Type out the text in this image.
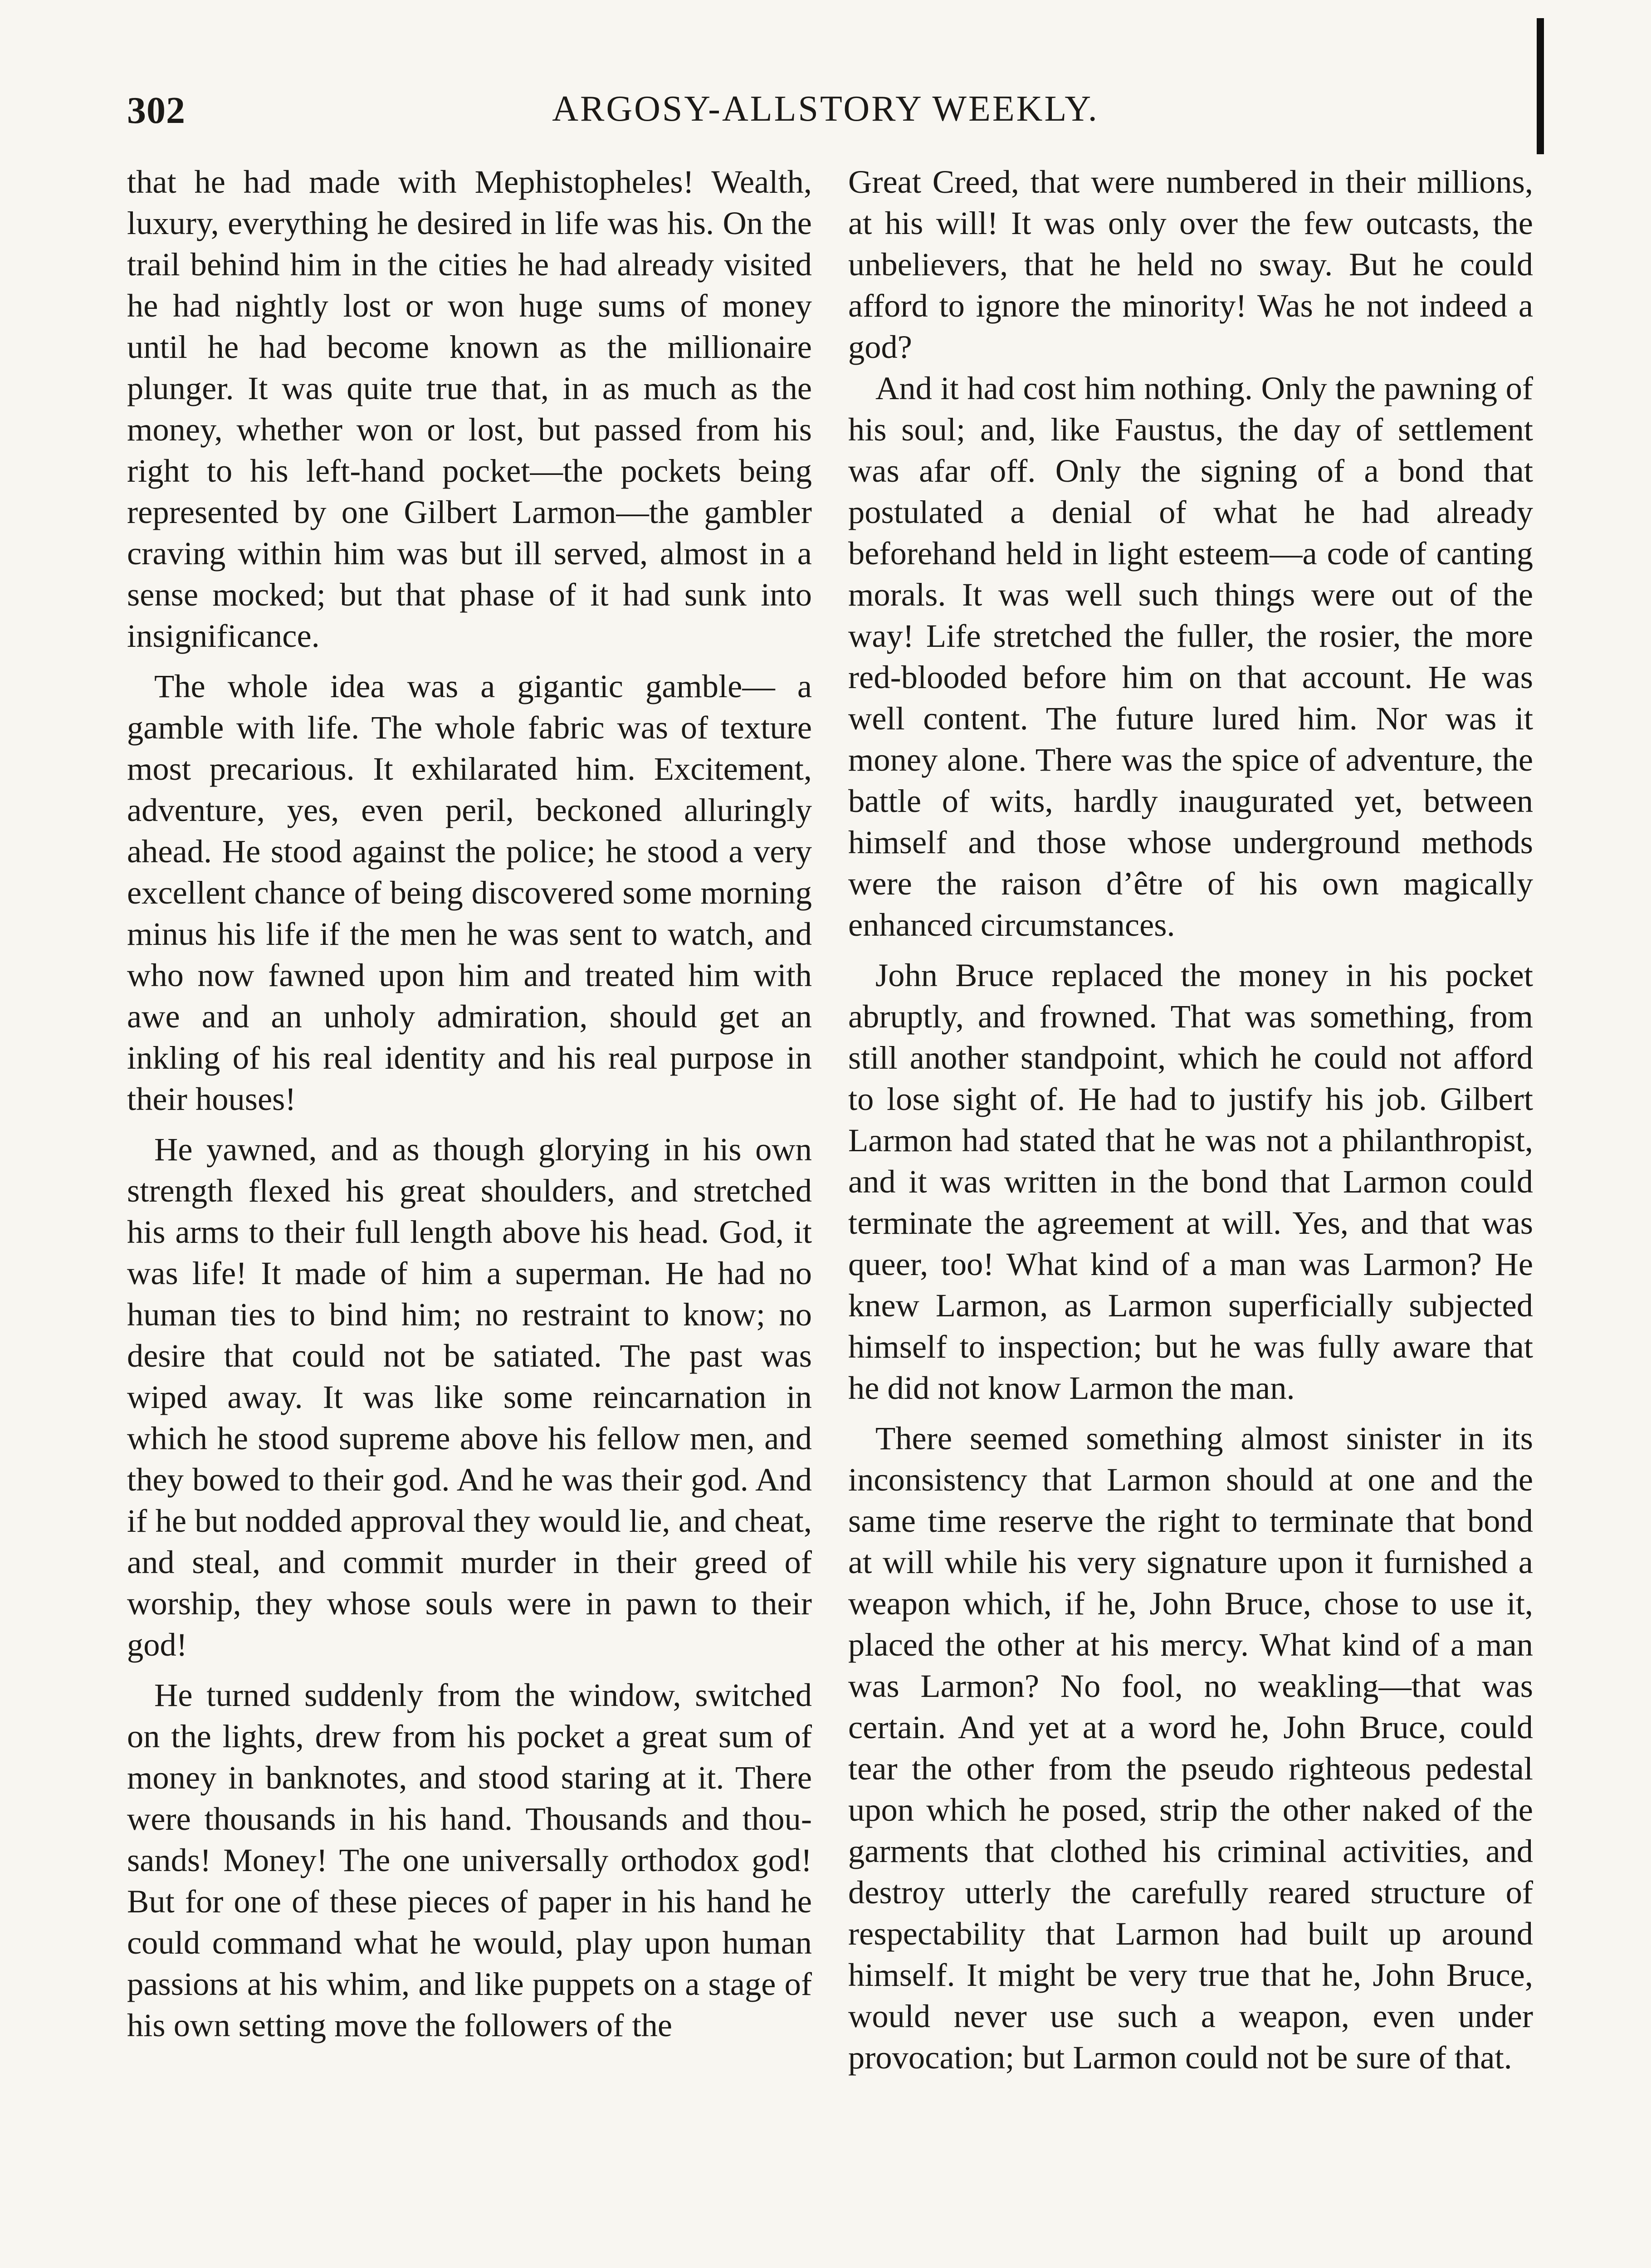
302	ARGOSY-ALLSTORY WEEKLY.

that he had made with Mephistopheles! Wealth, luxury, everything he desired in life was his. On the trail behind him in the cities he had already visited he had nightly lost or won huge sums of money until he had become known as the millionaire plunger. It was quite true that, in as much as the money, whether won or lost, but passed from his right to his left-hand pocket—the pockets being represented by one Gilbert Larmon—the gambler craving within him was but ill served, almost in a sense mocked; but that phase of it had sunk into insignificance.

The whole idea was a gigantic gamble— a gamble with life. The whole fabric was of texture most precarious. It exhilarated him. Excitement, adventure, yes, even peril, beckoned alluringly ahead. He stood against the police; he stood a very excellent chance of being discovered some morning minus his life if the men he was sent to watch, and who now fawned upon him and treated him with awe and an unholy admiration, should get an inkling of his real identity and his real purpose in their houses!

He yawned, and as though glorying in his own strength flexed his great shoulders, and stretched his arms to their full length above his head. God, it was life! It made of him a superman. He had no human ties to bind him; no restraint to know; no desire that could not be satiated. The past was wiped away. It was like some reincarnation in which he stood supreme above his fellow men, and they bowed to their god. And he was their god. And if he but nodded approval they would lie, and cheat, and steal, and commit murder in their greed of worship, they whose souls were in pawn to their god!

He turned suddenly from the window, switched on the lights, drew from his pocket a great sum of money in banknotes, and stood staring at it. There were thousands in his hand. Thousands and thousands! Money! The one universally orthodox god! But for one of these pieces of paper in his hand he could command what he would, play upon human passions at his whim, and like puppets on a stage of his own setting move the followers of the

Great Creed, that were numbered in their millions, at his will! It was only over the few outcasts, the unbelievers, that he held no sway. But he could afford to ignore the minority! Was he not indeed a god?

And it had cost him nothing. Only the pawning of his soul; and, like Faustus, the day of settlement was afar off. Only the signing of a bond that postulated a denial of what he had already beforehand held in light esteem—a code of canting morals. It was well such things were out of the way! Life stretched the fuller, the rosier, the more red-blooded before him on that account. He was well content. The future lured him. Nor was it money alone. There was the spice of adventure, the battle of wits, hardly inaugurated yet, between himself and those whose underground methods were the raison d’être of his own magically enhanced circumstances.

John Bruce replaced the money in his pocket abruptly, and frowned. That was something, from still another standpoint, which he could not afford to lose sight of. He had to justify his job. Gilbert Larmon had stated that he was not a philanthropist, and it was written in the bond that Larmon could terminate the agreement at will. Yes, and that was queer, too! What kind of a man was Larmon? He knew Larmon, as Larmon superficially subjected himself to inspection; but he was fully aware that he did not know Larmon the man.

There seemed something almost sinister in its inconsistency that Larmon should at one and the same time reserve the right to terminate that bond at will while his very signature upon it furnished a weapon which, if he, John Bruce, chose to use it, placed the other at his mercy. What kind of a man was Larmon? No fool, no weakling—that was certain. And yet at a word he, John Bruce, could tear the other from the pseudo righteous pedestal upon which he posed, strip the other naked of the garments that clothed his criminal activities, and destroy utterly the carefully reared structure of respectability that Larmon had built up around himself. It might be very true that he, John Bruce, would never use such a weapon, even under provocation; but Larmon could not be sure of that.
